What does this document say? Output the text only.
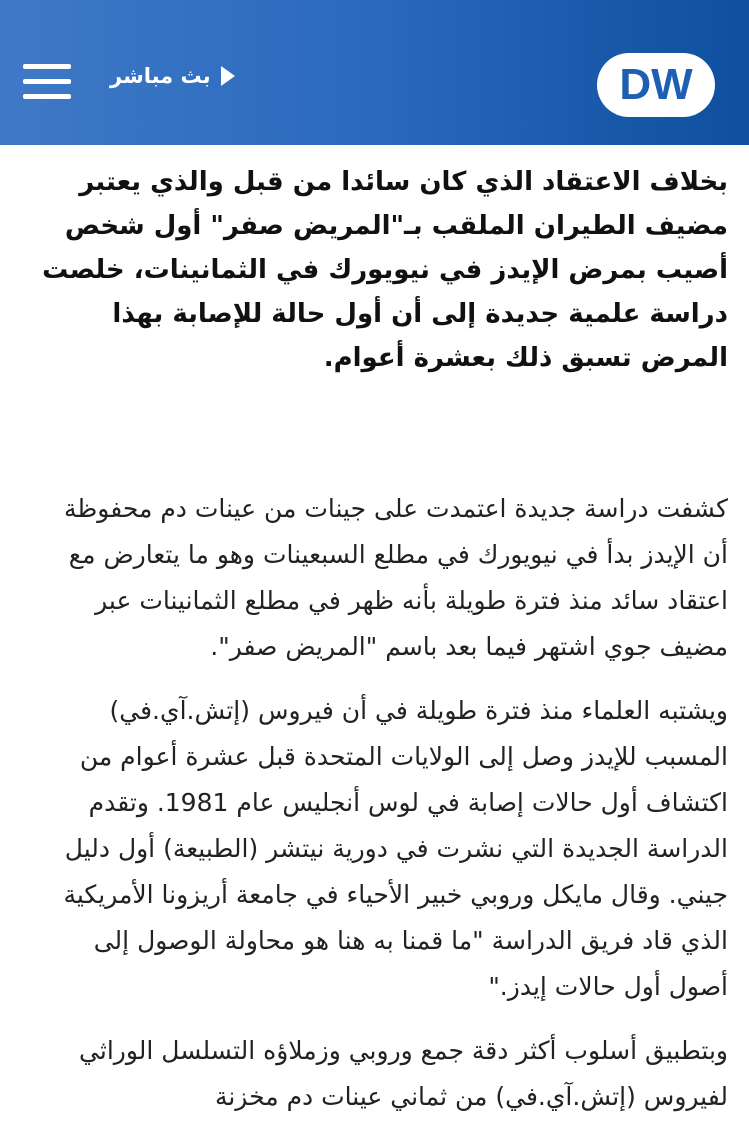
بث مباشر	DW

بخلاف الاعتقاد الذي كان سائدا من قبل والذي يعتبر مضيف الطيران الملقب بـ"المريض صفر" أول شخص أصيب بمرض الإيدز في نيويورك في الثمانينات، خلصت دراسة علمية جديدة إلى أن أول حالة للإصابة بهذا المرض تسبق ذلك بعشرة أعوام.

كشفت دراسة جديدة اعتمدت على جينات من عينات دم محفوظة أن الإيدز بدأ في نيويورك في مطلع السبعينات وهو ما يتعارض مع اعتقاد سائد منذ فترة طويلة بأنه ظهر في مطلع الثمانينات عبر مضيف جوي اشتهر فيما بعد باسم "المريض صفر".

ويشتبه العلماء منذ فترة طويلة في أن فيروس (إتش.آي.في) المسبب للإيدز وصل إلى الولايات المتحدة قبل عشرة أعوام من اكتشاف أول حالات إصابة في لوس أنجليس عام 1981. وتقدم الدراسة الجديدة التي نشرت في دورية نيتشر (الطبيعة) أول دليل جيني. وقال مايكل وروبي خبير الأحياء في جامعة أريزونا الأمريكية الذي قاد فريق الدراسة "ما قمنا به هنا هو محاولة الوصول إلى أصول أول حالات إيدز."

وبتطبيق أسلوب أكثر دقة جمع وروبي وزملاؤه التسلسل الوراثي لفيروس (إتش.آي.في) من ثماني عينات دم مخزنة
